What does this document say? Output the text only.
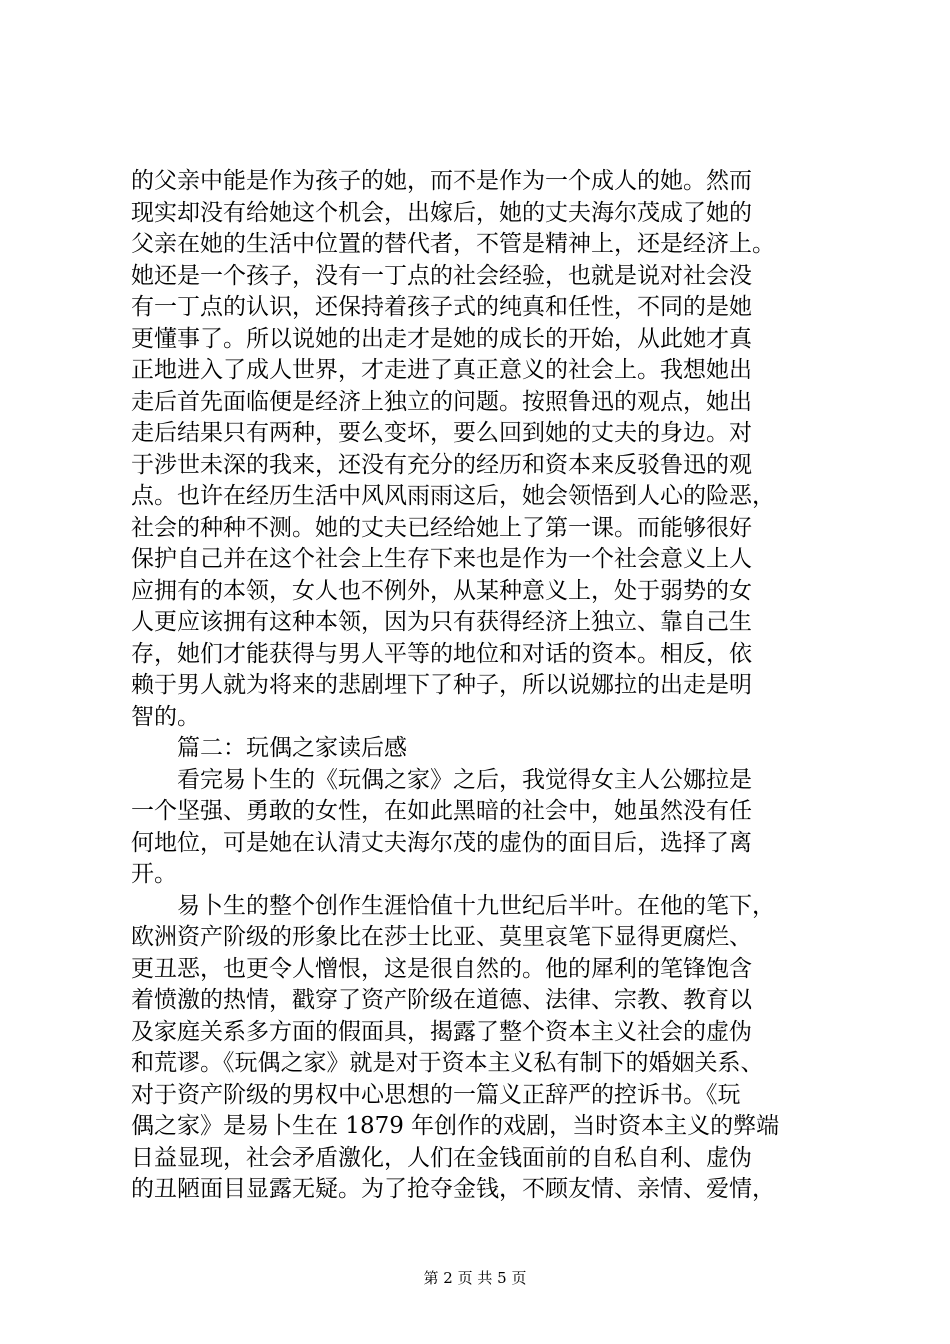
的父亲中能是作为孩子的她，而不是作为一个成人的她。然而
现实却没有给她这个机会，出嫁后，她的丈夫海尔茂成了她的
父亲在她的生活中位置的替代者，不管是精神上，还是经济上。
她还是一个孩子，没有一丁点的社会经验，也就是说对社会没
有一丁点的认识，还保持着孩子式的纯真和任性，不同的是她
更懂事了。所以说她的出走才是她的成长的开始，从此她才真
正地进入了成人世界，才走进了真正意义的社会上。我想她出
走后首先面临便是经济上独立的问题。按照鲁迅的观点，她出
走后结果只有两种，要么变坏，要么回到她的丈夫的身边。对
于涉世未深的我来，还没有充分的经历和资本来反驳鲁迅的观
点。也许在经历生活中风风雨雨这后，她会领悟到人心的险恶，
社会的种种不测。她的丈夫已经给她上了第一课。而能够很好
保护自己并在这个社会上生存下来也是作为一个社会意义上人
应拥有的本领，女人也不例外，从某种意义上，处于弱势的女
人更应该拥有这种本领，因为只有获得经济上独立、靠自己生
存，她们才能获得与男人平等的地位和对话的资本。相反，依
赖于男人就为将来的悲剧埋下了种子，所以说娜拉的出走是明
智的。
篇二：玩偶之家读后感
看完易卜生的《玩偶之家》之后，我觉得女主人公娜拉是
一个坚强、勇敢的女性，在如此黑暗的社会中，她虽然没有任
何地位，可是她在认清丈夫海尔茂的虚伪的面目后，选择了离
开。
易卜生的整个创作生涯恰值十九世纪后半叶。在他的笔下，
欧洲资产阶级的形象比在莎士比亚、莫里哀笔下显得更腐烂、
更丑恶，也更令人憎恨，这是很自然的。他的犀利的笔锋饱含
着愤激的热情，戳穿了资产阶级在道德、法律、宗教、教育以
及家庭关系多方面的假面具，揭露了整个资本主义社会的虚伪
和荒谬。《玩偶之家》就是对于资本主义私有制下的婚姻关系、
对于资产阶级的男权中心思想的一篇义正辞严的控诉书。《玩
偶之家》是易卜生在 1879 年创作的戏剧，当时资本主义的弊端
日益显现，社会矛盾激化，人们在金钱面前的自私自利、虚伪
的丑陋面目显露无疑。为了抢夺金钱，不顾友情、亲情、爱情，
第 2 页 共 5 页
